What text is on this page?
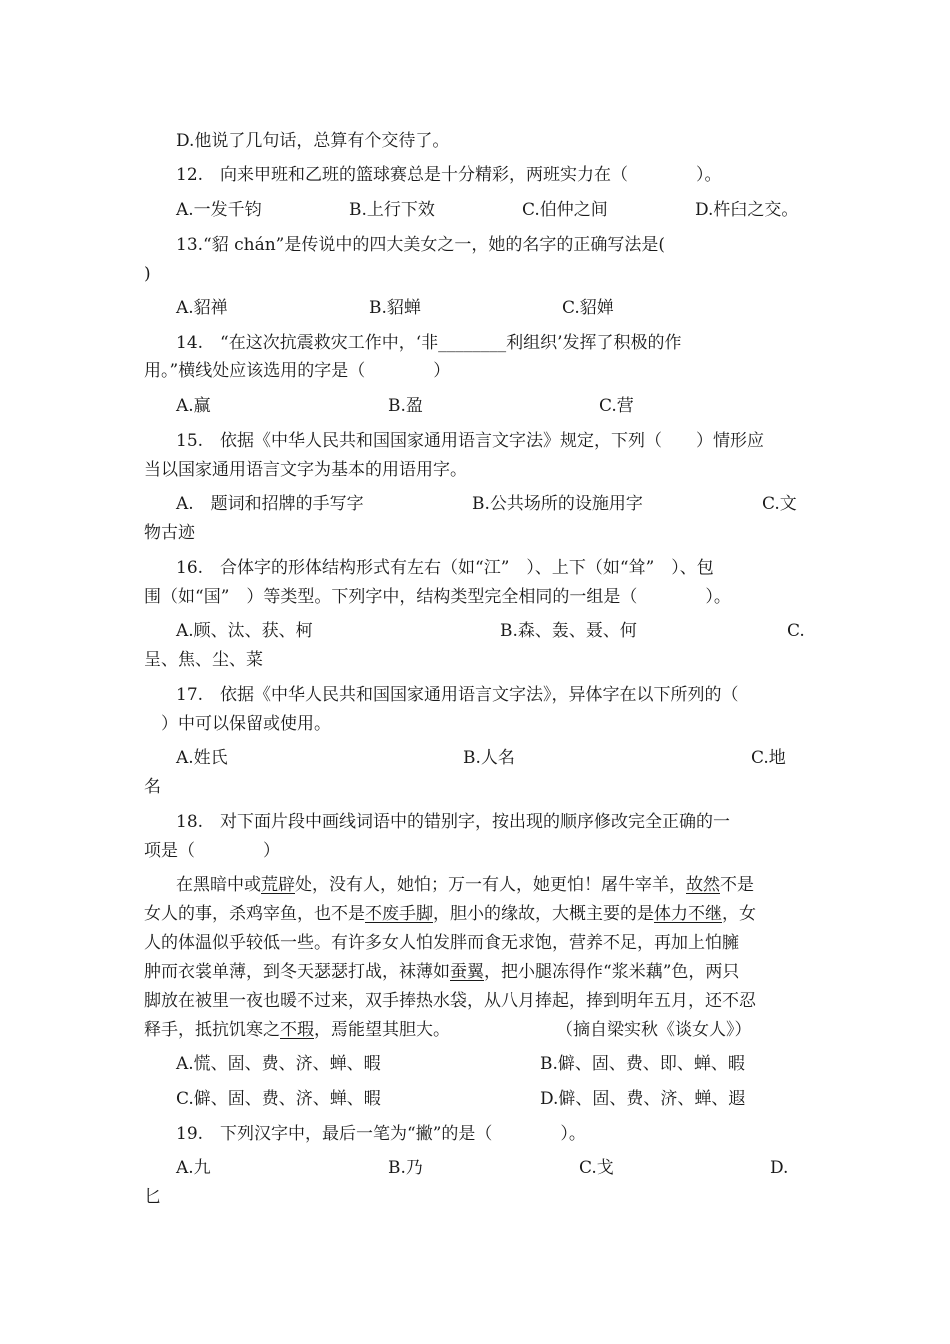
D.他说了几句话，总算有个交待了。
12.　向来甲班和乙班的篮球赛总是十分精彩，两班实力在（　　　　）。
A.一发千钧	B.上行下效	C.伯仲之间	D.杵臼之交。
13.“貂 chán”是传说中的四大美女之一，她的名字的正确写法是(
)
A.貂禅	B.貂蝉	C.貂婵
14.　“在这次抗震救灾工作中，‘非________利组织’发挥了积极的作
用。”横线处应该选用的字是（　　　　）
A.赢	B.盈	C.营
15.　依据《中华人民共和国国家通用语言文字法》规定，下列（　　）情形应
当以国家通用语言文字为基本的用语用字。
A.　题词和招牌的手写字	B.公共场所的设施用字	C.文
物古迹
16.　合体字的形体结构形式有左右（如“江”　）、上下（如“耸”　）、包
围（如“国”　）等类型。下列字中，结构类型完全相同的一组是（　　　　）。
A.顾、汰、获、柯	B.森、轰、聂、何	C.
呈、焦、尘、菜
17.　依据《中华人民共和国国家通用语言文字法》，异体字在以下所列的（
　）中可以保留或使用。
A.姓氏	B.人名	C.地
名
18.　对下面片段中画线词语中的错别字，按出现的顺序修改完全正确的一
项是（　　　　）
在黑暗中或荒辟处，没有人，她怕；万一有人，她更怕！屠牛宰羊，故然不是
女人的事，杀鸡宰鱼，也不是不废手脚，胆小的缘故，大概主要的是体力不继，女
人的体温似乎较低一些。有许多女人怕发胖而食无求饱，营养不足，再加上怕臃
肿而衣裳单薄，到冬天瑟瑟打战，袜薄如蚕翼，把小腿冻得作“浆米藕”色，两只
脚放在被里一夜也暖不过来，双手捧热水袋，从八月捧起，捧到明年五月，还不忍
释手，抵抗饥寒之不瑕，焉能望其胆大。	（摘自梁实秋《谈女人》）
A.慌、固、费、济、蝉、暇	B.僻、固、费、即、蝉、暇
C.僻、固、费、济、蝉、暇	D.僻、固、费、济、蝉、遐
19.　下列汉字中，最后一笔为“撇”的是（　　　　）。
A.九	B.乃	C.戈	D.
匕
